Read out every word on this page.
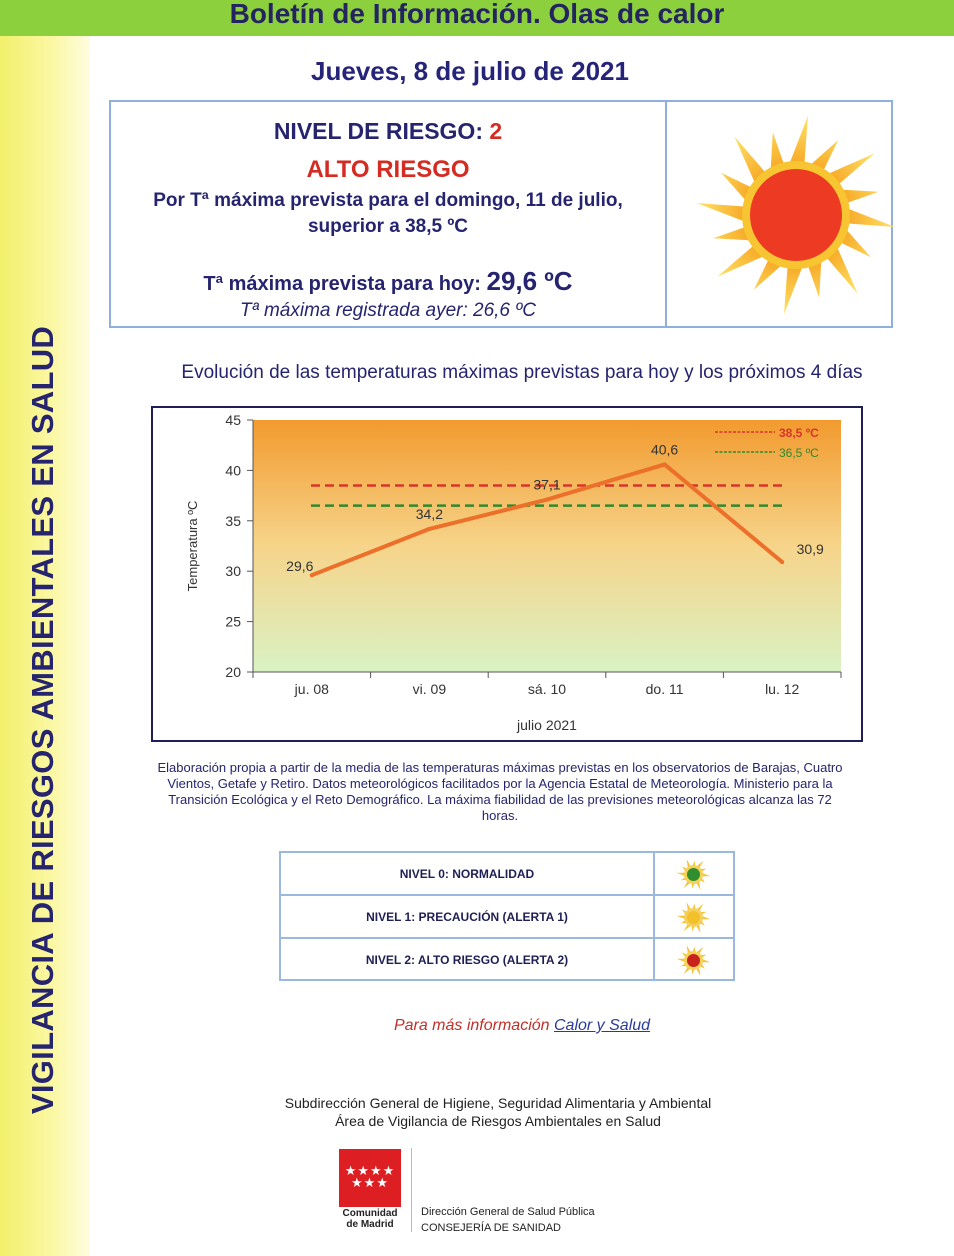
VIGILANCIA DE RIESGOS AMBIENTALES EN SALUD
Boletín de Información. Olas de calor
Jueves, 8 de julio de 2021
NIVEL DE RIESGO: 2
ALTO RIESGO
Por Tª máxima prevista para el domingo, 11 de julio,
superior a 38,5 ºC
Tª máxima prevista para hoy: 29,6 ºC
Tª máxima registrada ayer: 26,6 ºC
Evolución de las temperaturas máximas previstas para hoy y los próximos 4 días
20
25
30
35
40
45
ju. 08	vi. 09	sá. 10	do. 11	lu. 12
Temperatura ºC
julio 2021
38,5 ºC
36,5 ºC
29,6
34,2
37,1
40,6
30,9
Elaboración propia a partir de la media de las temperaturas máximas previstas en los observatorios de Barajas, Cuatro Vientos, Getafe y Retiro. Datos meteorológicos facilitados por la Agencia Estatal de Meteorología. Ministerio para la Transición Ecológica y el Reto Demográfico. La máxima fiabilidad de las previsiones meteorológicas alcanza las 72 horas.
NIVEL 0: NORMALIDAD
NIVEL 1: PRECAUCIÓN (ALERTA 1)
NIVEL 2: ALTO RIESGO (ALERTA 2)
Para más información Calor y Salud
Subdirección General de Higiene, Seguridad Alimentaria y Ambiental
Área de Vigilancia de Riesgos Ambientales en Salud
★★★★
★★★
Comunidad
de Madrid
Dirección General de Salud Pública
CONSEJERÍA DE SANIDAD
